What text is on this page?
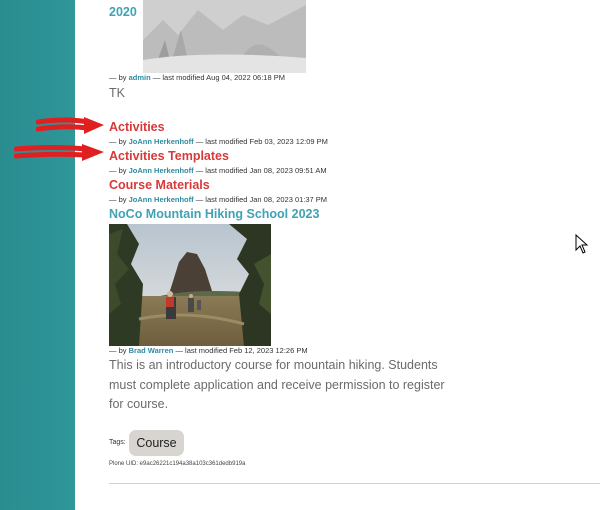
2020
— by admin — last modified Aug 04, 2022 06:18 PM
TK
Activities
— by JoAnn Herkenhoff — last modified Feb 03, 2023 12:09 PM
Activities Templates
— by JoAnn Herkenhoff — last modified Jan 08, 2023 09:51 AM
Course Materials
— by JoAnn Herkenhoff — last modified Jan 08, 2023 01:37 PM
NoCo Mountain Hiking School 2023
— by Brad Warren — last modified Feb 12, 2023 12:26 PM
This is an introductory course for mountain hiking. Students must complete application and receive permission to register for course.
Tags: Course
Plone UID: e9ac26221c194a38a103c361dedb919a
